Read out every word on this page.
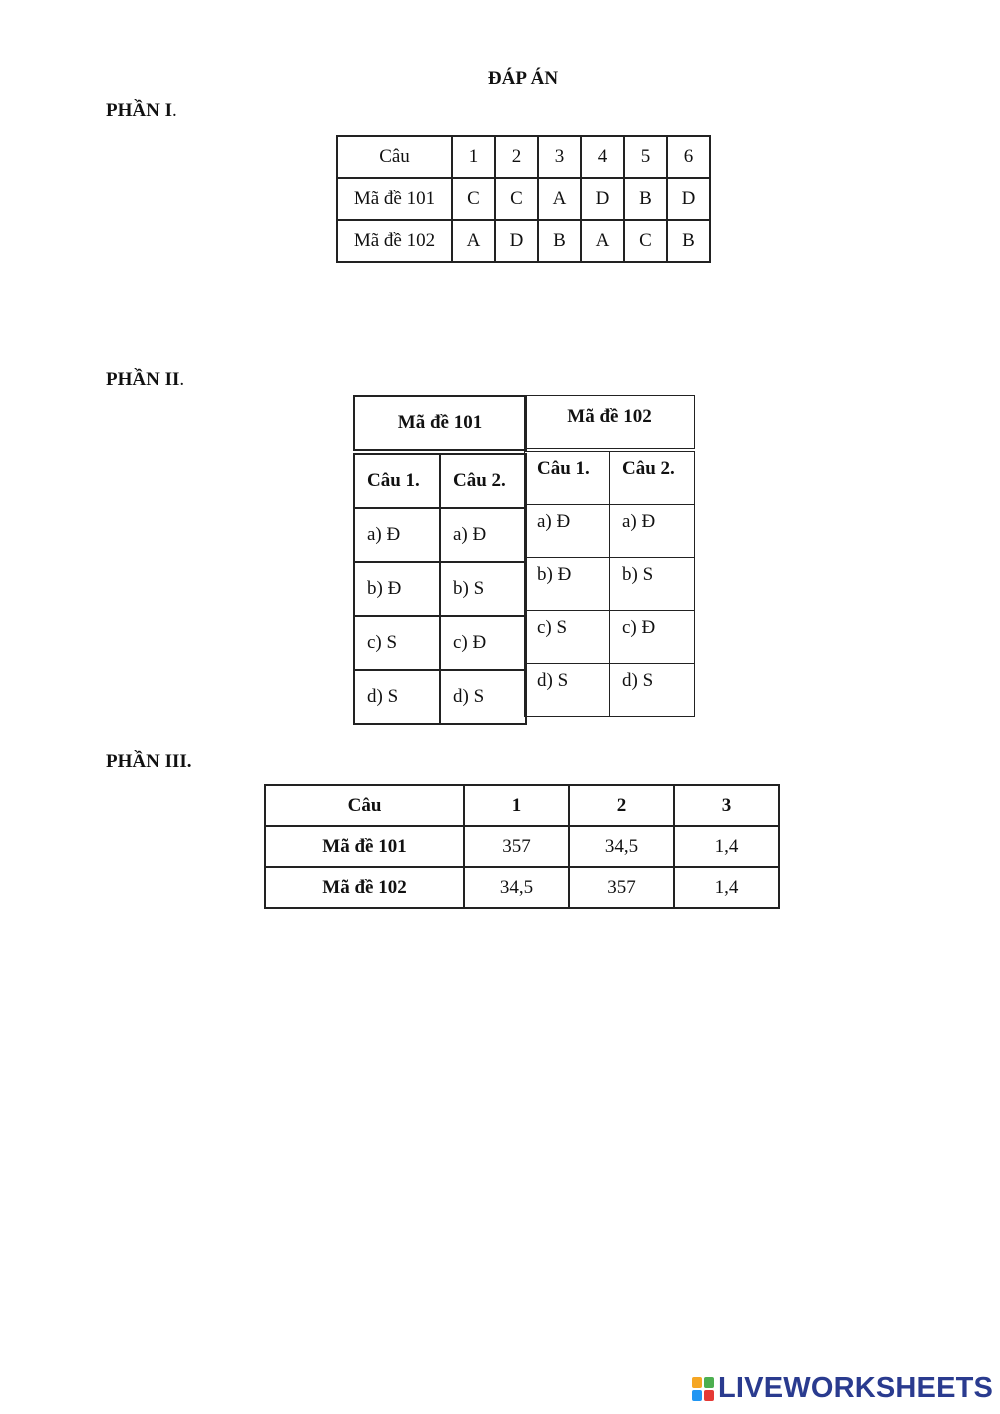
ĐÁP ÁN
PHẦN I.
Câu	1	2	3	4	5	6
Mã đề 101	C	C	A	D	B	D
Mã đề 102	A	D	B	A	C	B
PHẦN II.
Mã đề 101	

Câu 1.	Câu 2.
a) Đ	a) Đ
b) Đ	b) S
c) S	c) Đ
d) S	d) S
Mã đề 102	

Câu 1.	Câu 2.
a) Đ	a) Đ
b) Đ	b) S
c) S	c) Đ
d) S	d) S
PHẦN III.
Câu	1	2	3
Mã đề 101	357	34,5	1,4
Mã đề 102	34,5	357	1,4
LIVEWORKSHEETS
